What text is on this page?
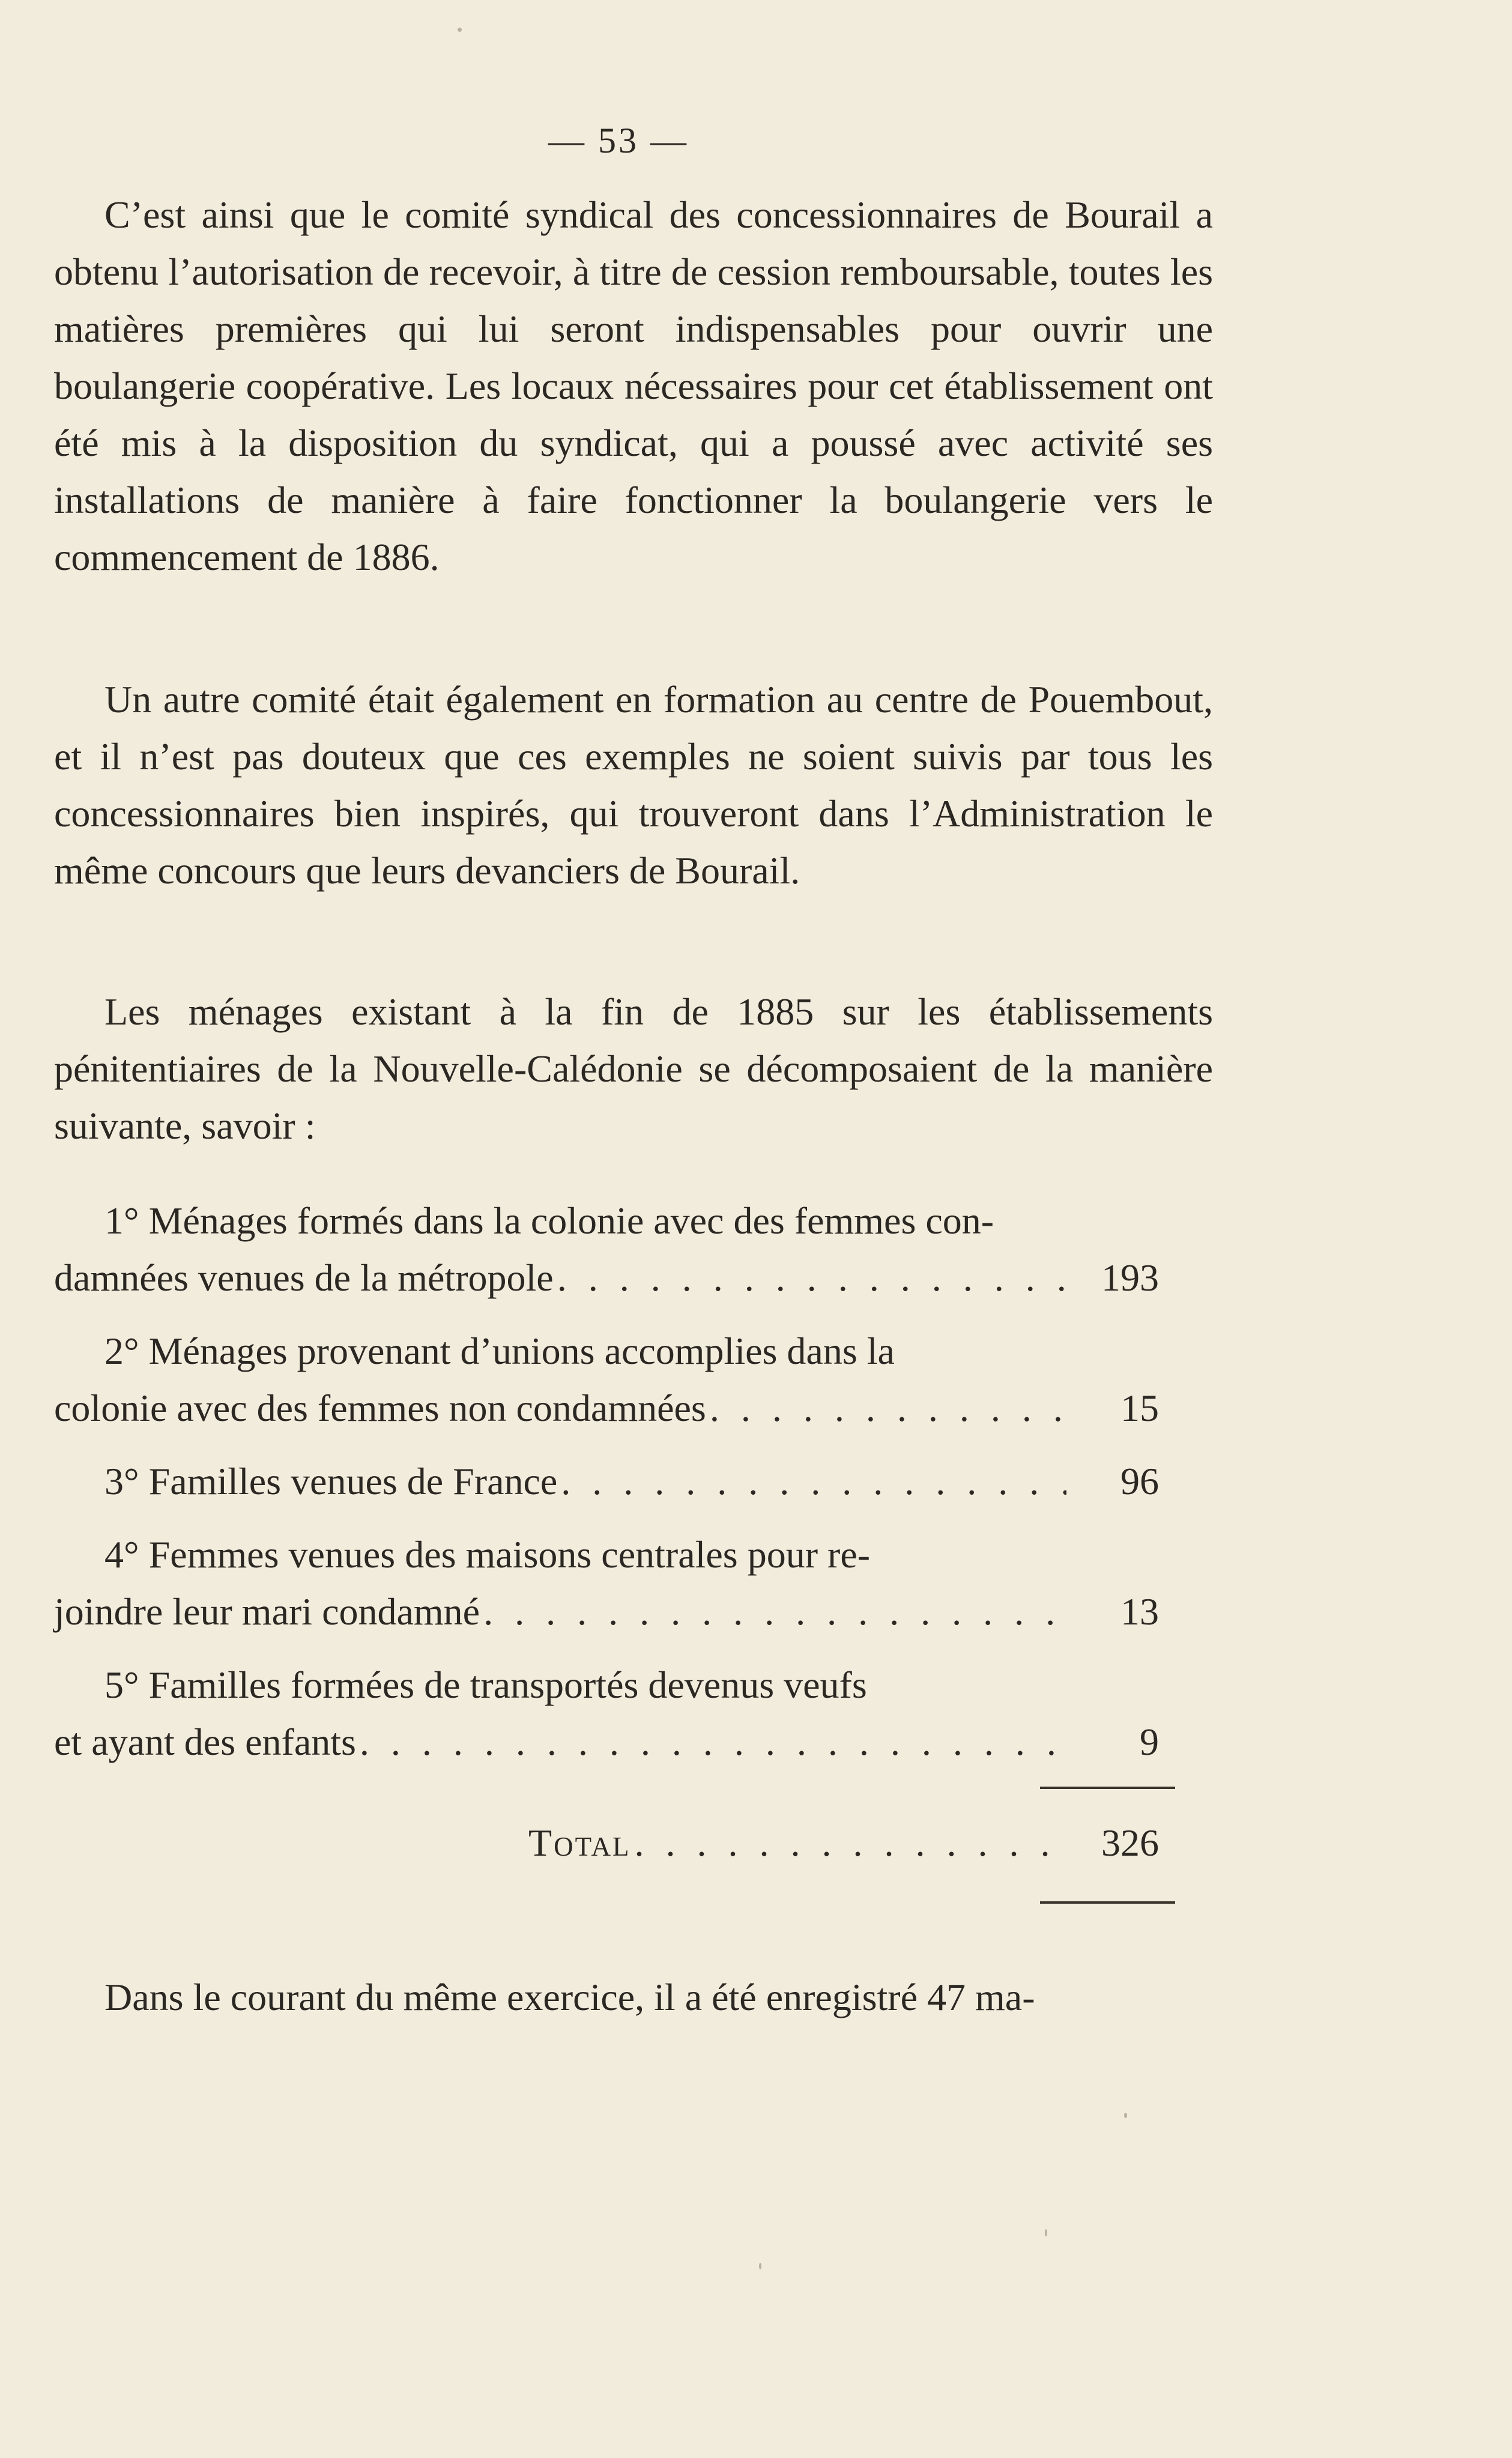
— 53 —

C’est ainsi que le comité syndical des concessionnaires de Bourail a obtenu l’autorisation de recevoir, à titre de cession remboursable, toutes les matières premières qui lui seront indispensables pour ouvrir une boulangerie coopérative. Les locaux nécessaires pour cet établissement ont été mis à la disposition du syndicat, qui a poussé avec activité ses installations de manière à faire fonctionner la boulangerie vers le commencement de 1886.

Un autre comité était également en formation au centre de Pouembout, et il n’est pas douteux que ces exemples ne soient suivis par tous les concessionnaires bien inspirés, qui trouveront dans l’Administration le même concours que leurs devanciers de Bourail.

Les ménages existant à la fin de 1885 sur les établissements pénitentiaires de la Nouvelle-Calédonie se décomposaient de la manière suivante, savoir :

1° Ménages formés dans la colonie avec des femmes con-
damnées venues de la métropole . . .	193
2° Ménages provenant d’unions accomplies dans la
colonie avec des femmes non condamnées . . .	15
3° Familles venues de France . . .	96
4° Femmes venues des maisons centrales pour re-
joindre leur mari condamné . . .	13
5° Familles formées de transportés devenus veufs
et ayant des enfants . . .	9
Total . . .	326

Dans le courant du même exercice, il a été enregistré 47 ma-
